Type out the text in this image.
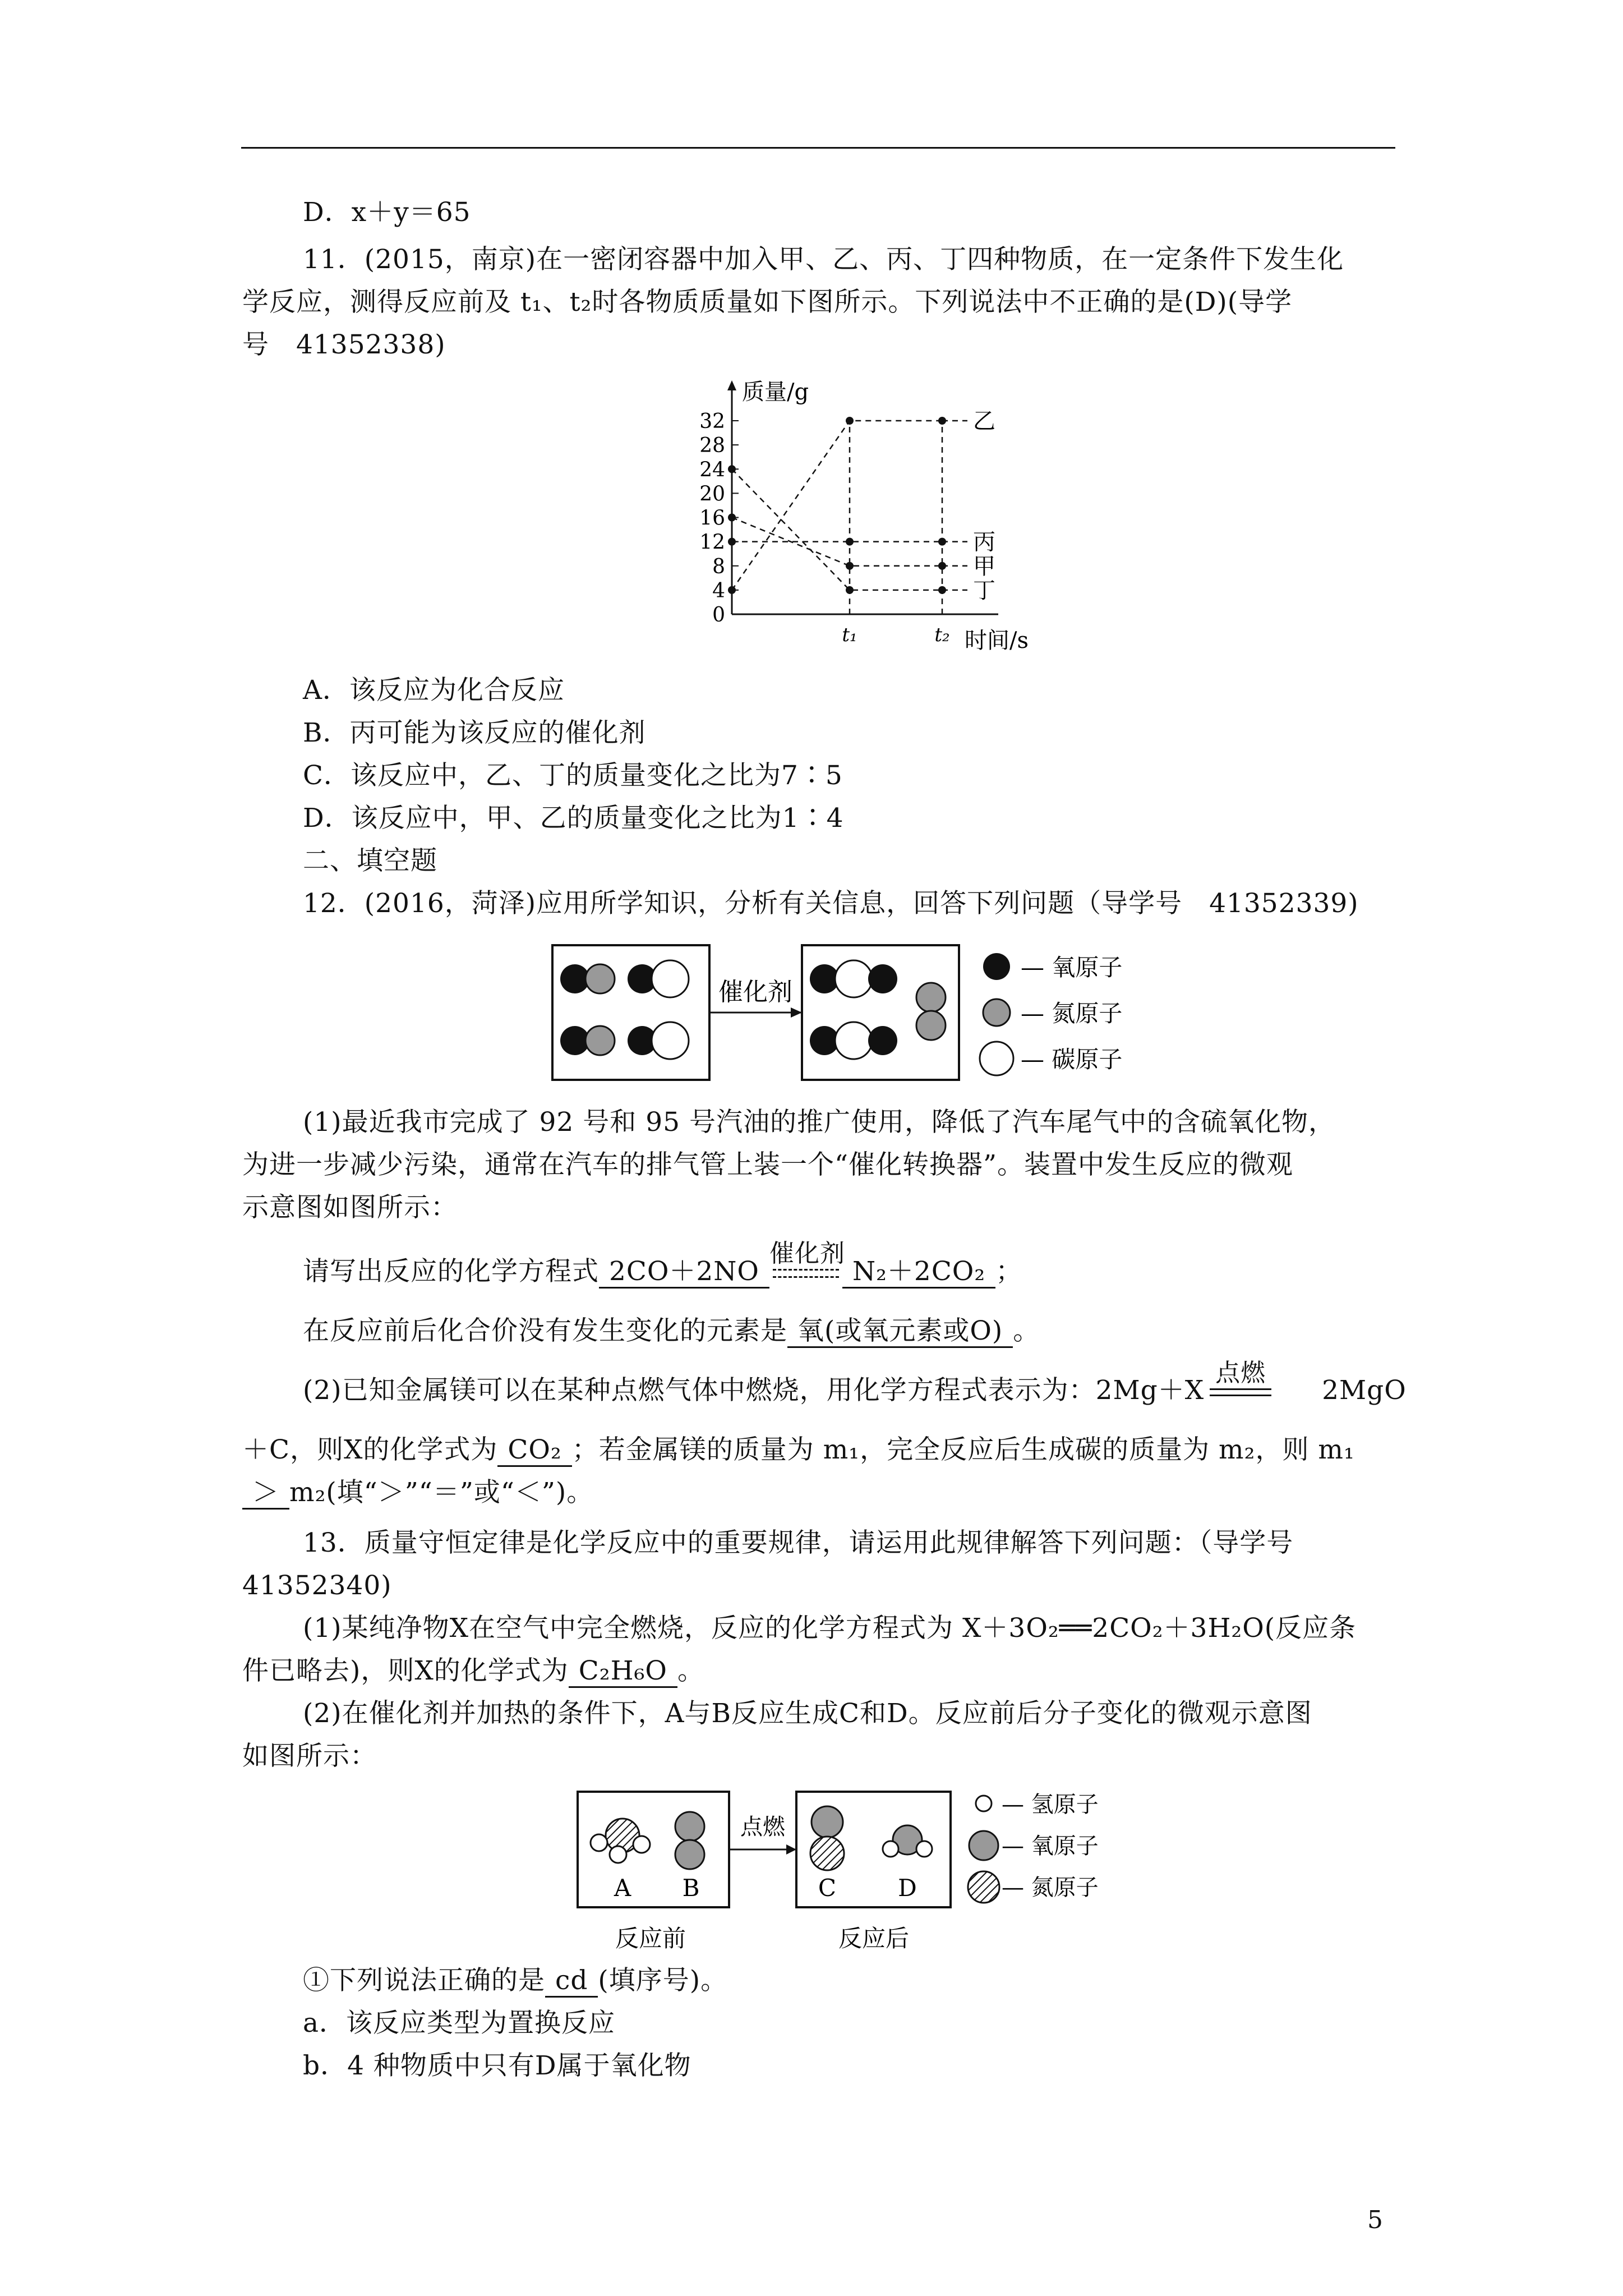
D．x＋y＝65
11．(2015，南京)在一密闭容器中加入甲、乙、丙、丁四种物质，在一定条件下发生化
学反应，测得反应前及 t₁、t₂时各物质质量如下图所示。下列说法中不正确的是(D)(导学
号　41352338)
质量/g
时间/s
0
4
8
12
16
20
24
28
32
t₁	t₂
乙
丙
甲
丁
A．该反应为化合反应
B．丙可能为该反应的催化剂
C．该反应中，乙、丁的质量变化之比为7∶5
D．该反应中，甲、乙的质量变化之比为1∶4
二、填空题
12．(2016，菏泽)应用所学知识，分析有关信息，回答下列问题（导学号　41352339)
催化剂
— 氧原子
— 氮原子
— 碳原子
(1)最近我市完成了 92 号和 95 号汽油的推广使用，降低了汽车尾气中的含硫氧化物，
为进一步减少污染，通常在汽车的排气管上装一个“催化转换器”。装置中发生反应的微观
示意图如图所示：
请写出反应的化学方程式 2CO＋2NO
催化剂
N₂＋2CO₂ ；
在反应前后化合价没有发生变化的元素是 氧(或氧元素或O) 。
(2)已知金属镁可以在某种点燃气体中燃烧，用化学方程式表示为：2Mg＋X
点燃
2MgO
＋C，则X的化学式为 CO₂ ；若金属镁的质量为 m₁，完全反应后生成碳的质量为 m₂，则 m₁
＞ m₂(填“＞”“＝”或“＜”)。
13．质量守恒定律是化学反应中的重要规律，请运用此规律解答下列问题：（导学号
41352340)
(1)某纯净物X在空气中完全燃烧，反应的化学方程式为 X＋3O₂══2CO₂＋3H₂O(反应条
件已略去)，则X的化学式为 C₂H₆O 。
(2)在催化剂并加热的条件下，A与B反应生成C和D。反应前后分子变化的微观示意图
如图所示：
A B
点燃
C	D
反应前	反应后
— 氢原子
— 氧原子
— 氮原子
①下列说法正确的是 cd (填序号)。
a．该反应类型为置换反应
b．4 种物质中只有D属于氧化物
5
